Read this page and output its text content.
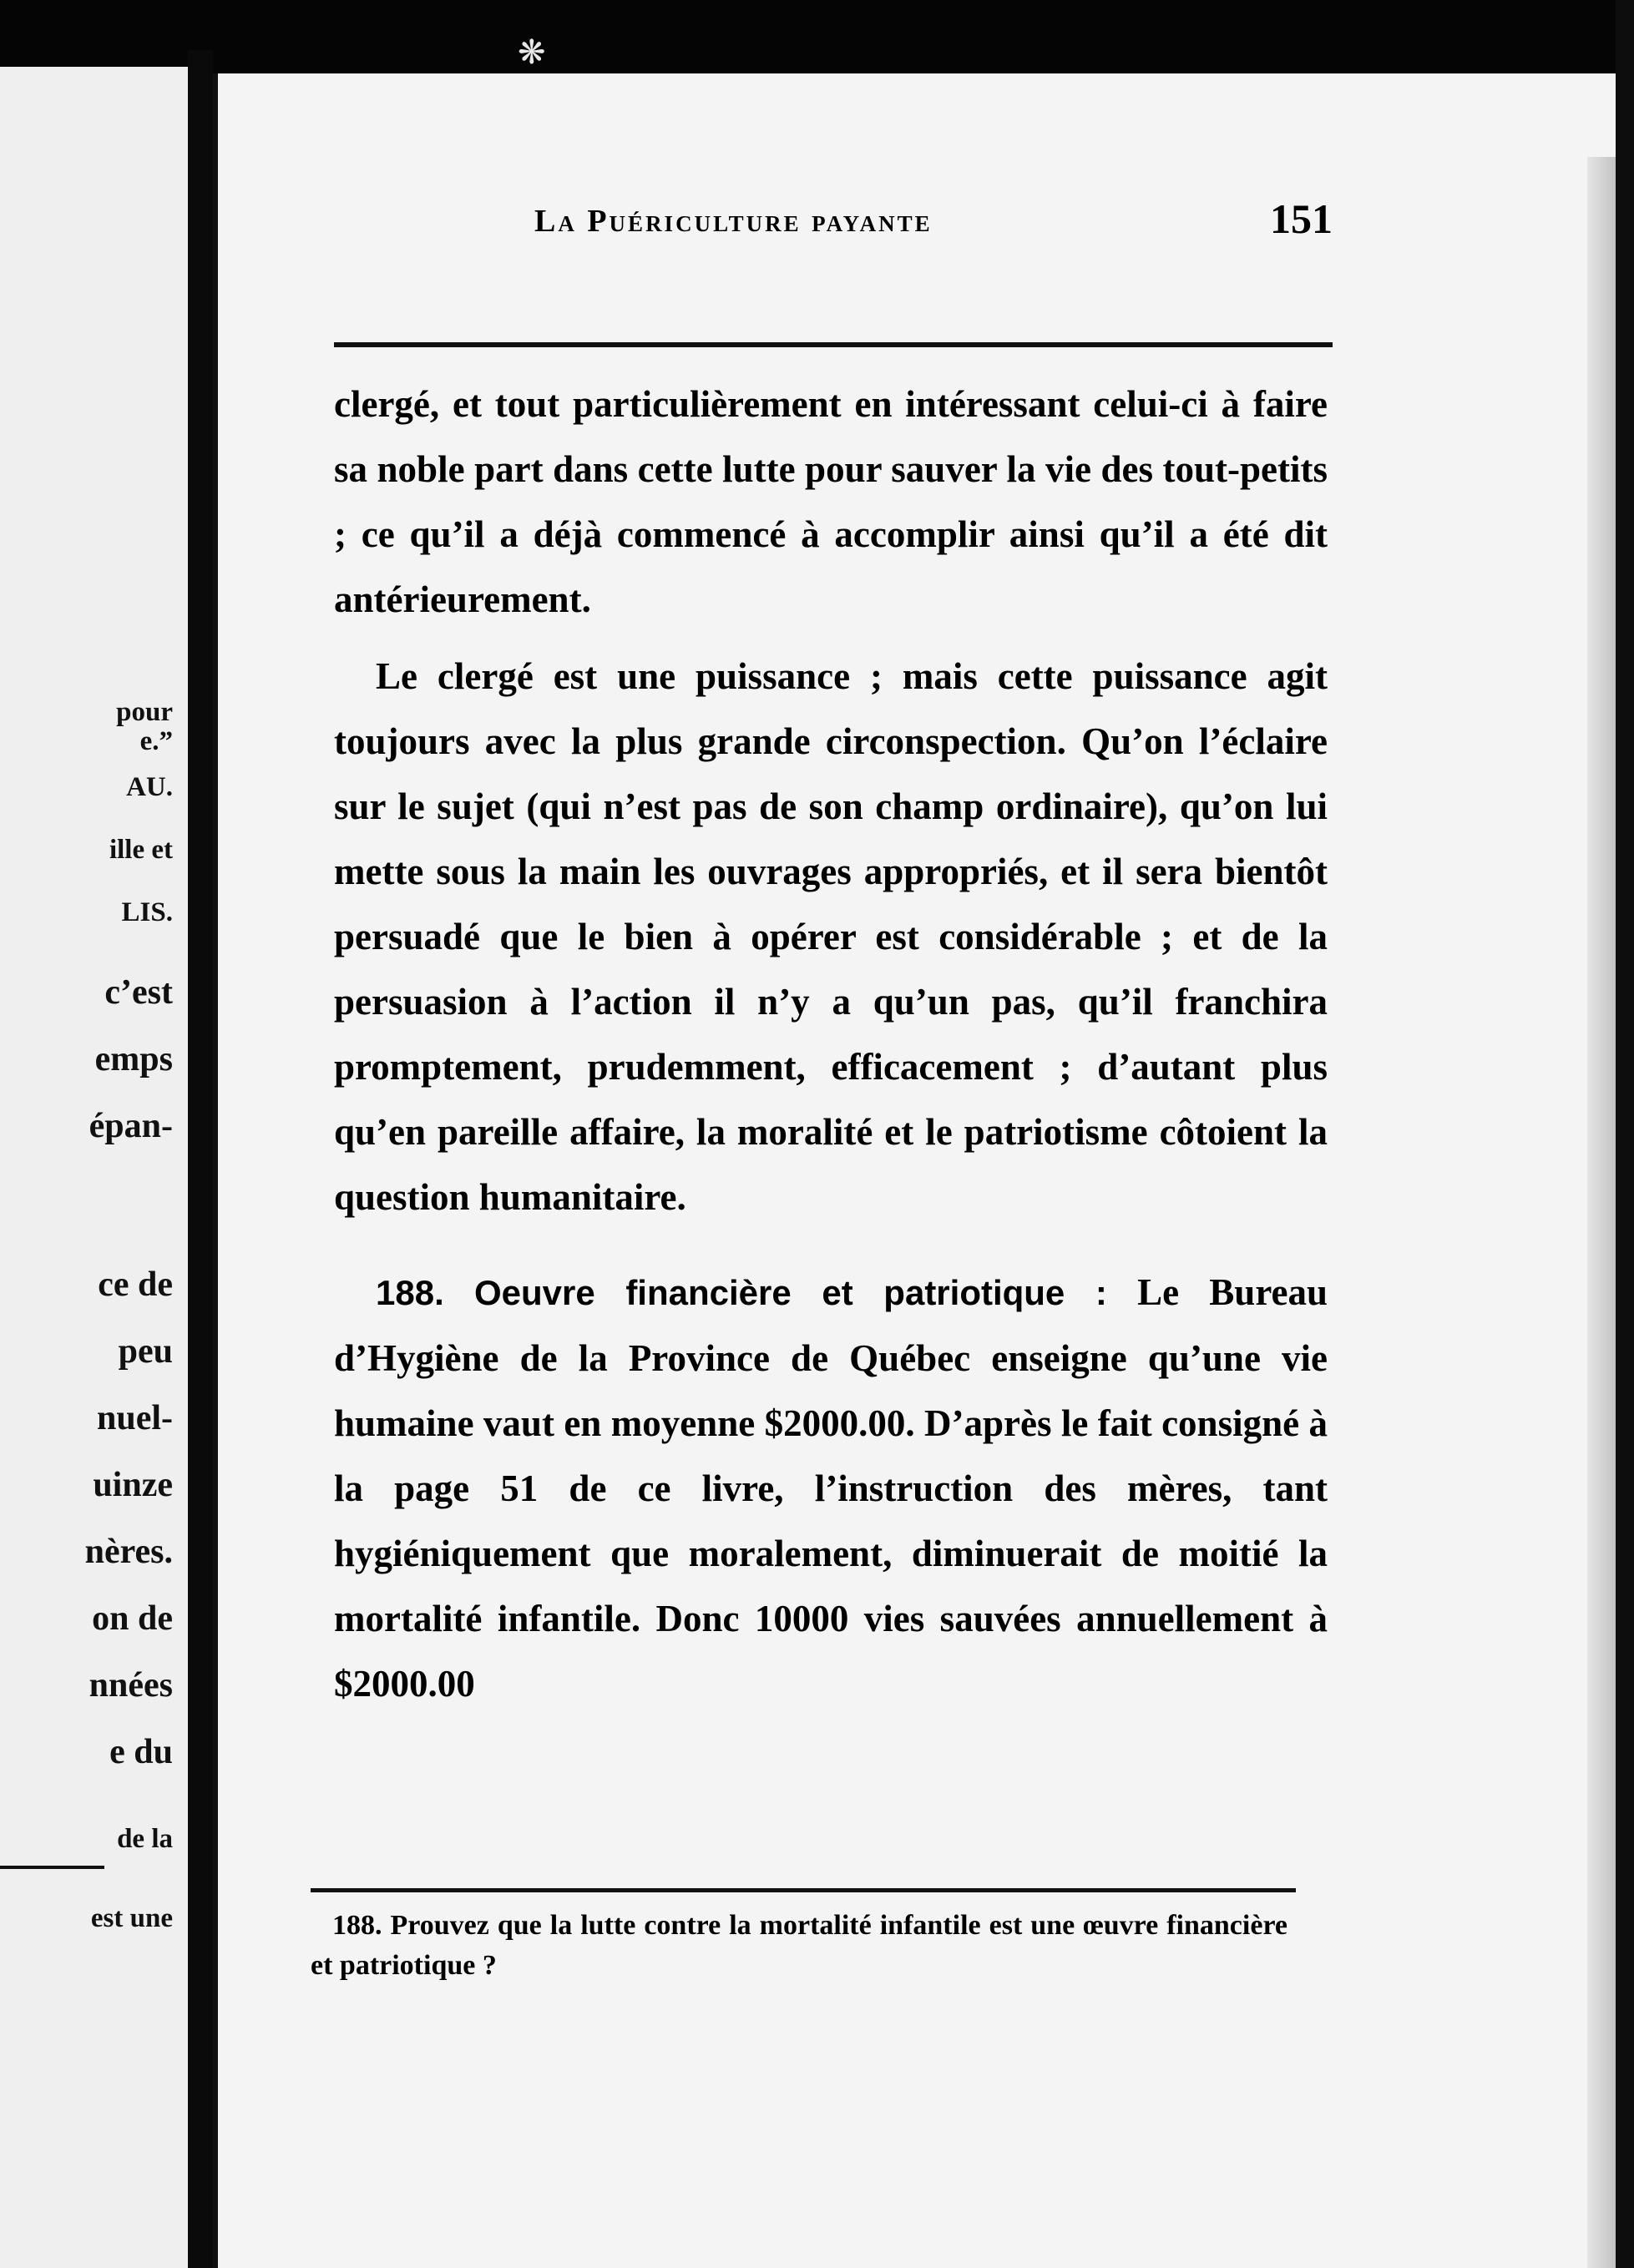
❋
pour
e.”
AU.
ille et
LIS.
c’est
emps
épan-
ce de
peu
nuel-
uinze
nères.
on de
nnées
e du
de la
est une
La Puériculture payante	151

clergé, et tout particulièrement en intéressant celui-ci à faire sa noble part dans cette lutte pour sauver la vie des tout-petits ; ce qu’il a déjà commencé à accomplir ainsi qu’il a été dit antérieurement.

Le clergé est une puissance ; mais cette puissance agit toujours avec la plus grande circonspection. Qu’on l’éclaire sur le sujet (qui n’est pas de son champ ordinaire), qu’on lui mette sous la main les ouvrages appropriés, et il sera bientôt persuadé que le bien à opérer est considérable ; et de la persuasion à l’action il n’y a qu’un pas, qu’il franchira promptement, prudemment, efficacement ; d’autant plus qu’en pareille affaire, la moralité et le patriotisme côtoient la question humanitaire.

188. Oeuvre financière et patriotique : Le Bureau d’Hygiène de la Province de Québec enseigne qu’une vie humaine vaut en moyenne $2000.00. D’après le fait consigné à la page 51 de ce livre, l’instruction des mères, tant hygiéniquement que moralement, diminuerait de moitié la mortalité infantile. Donc 10000 vies sauvées annuellement à $2000.00

188. Prouvez que la lutte contre la mortalité infantile est une œuvre financière et patriotique ?
